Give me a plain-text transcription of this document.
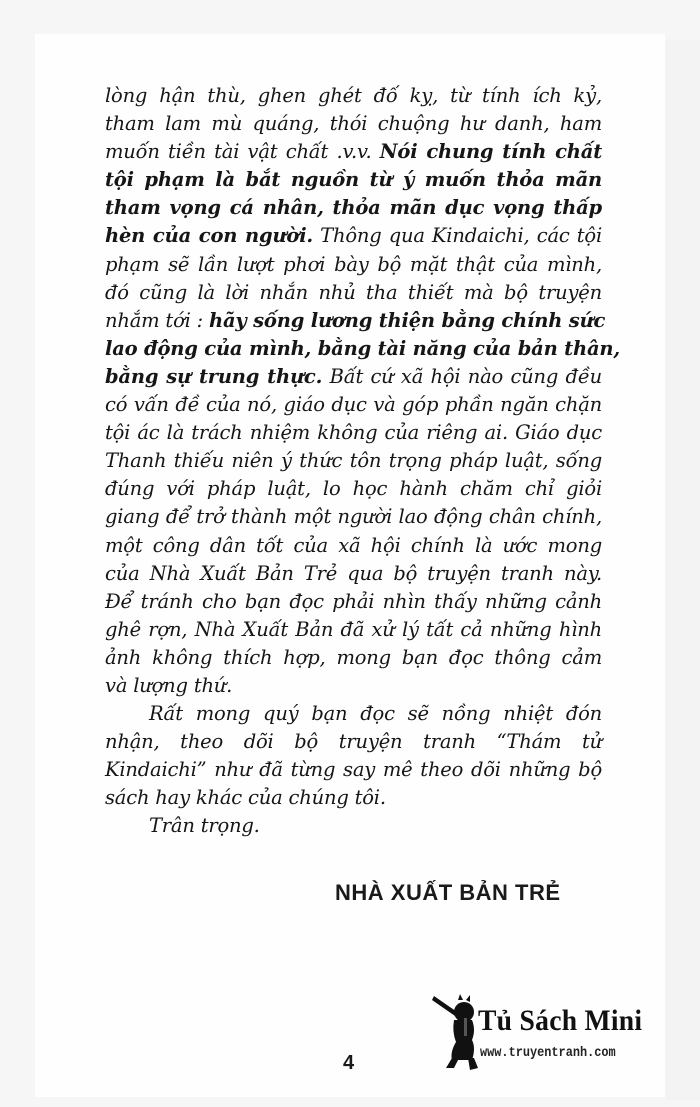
lòng hận thù, ghen ghét đố kỵ, từ tính ích kỷ,
tham lam mù quáng, thói chuộng hư danh, ham
muốn tiền tài vật chất .v.v. Nói chung tính chất
tội phạm là bắt nguồn từ ý muốn thỏa mãn
tham vọng cá nhân, thỏa mãn dục vọng thấp
hèn của con người. Thông qua Kindaichi, các tội
phạm sẽ lần lượt phơi bày bộ mặt thật của mình,
đó cũng là lời nhắn nhủ tha thiết mà bộ truyện
nhắm tới : hãy sống lương thiện bằng chính sức
lao động của mình, bằng tài năng của bản thân,
bằng sự trung thực. Bất cứ xã hội nào cũng đều
có vấn đề của nó, giáo dục và góp phần ngăn chặn
tội ác là trách nhiệm không của riêng ai. Giáo dục
Thanh thiếu niên ý thức tôn trọng pháp luật, sống
đúng với pháp luật, lo học hành chăm chỉ giỏi
giang để trở thành một người lao động chân chính,
một công dân tốt của xã hội chính là ước mong
của Nhà Xuất Bản Trẻ qua bộ truyện tranh này.
Để tránh cho bạn đọc phải nhìn thấy những cảnh
ghê rợn, Nhà Xuất Bản đã xử lý tất cả những hình
ảnh không thích hợp, mong bạn đọc thông cảm
và lượng thứ.
Rất mong quý bạn đọc sẽ nồng nhiệt đón
nhận, theo dõi bộ truyện tranh “Thám tử
Kindaichi” như đã từng say mê theo dõi những bộ
sách hay khác của chúng tôi.
Trân trọng.
NHÀ XUẤT BẢN TRẺ
Tủ Sách Mini
www.truyentranh.com
4
